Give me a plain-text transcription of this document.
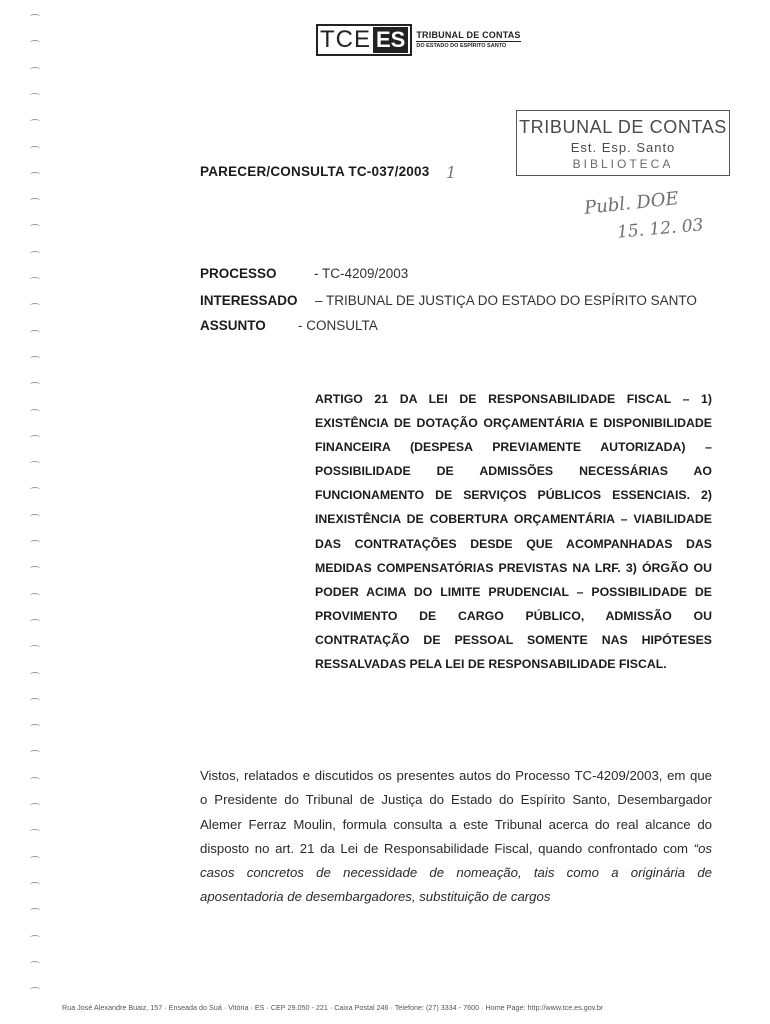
TCE ES	TRIBUNAL DE CONTAS
DO ESTADO DO ESPÍRITO SANTO
TRIBUNAL DE CONTAS
Est. Esp. Santo
BIBLIOTECA
PARECER/CONSULTA TC-037/2003 1
Publ. DOE
15. 12. 03
PROCESSO	- TC-4209/2003
INTERESSADO – TRIBUNAL DE JUSTIÇA DO ESTADO DO ESPÍRITO SANTO
ASSUNTO - CONSULTA
ARTIGO 21 DA LEI DE RESPONSABILIDADE FISCAL – 1) EXISTÊNCIA DE DOTAÇÃO ORÇAMENTÁRIA E DISPONIBILIDADE FINANCEIRA (DESPESA PREVIAMENTE AUTORIZADA) – POSSIBILIDADE DE ADMISSÕES NECESSÁRIAS AO FUNCIONAMENTO DE SERVIÇOS PÚBLICOS ESSENCIAIS. 2) INEXISTÊNCIA DE COBERTURA ORÇAMENTÁRIA – VIABILIDADE DAS CONTRATAÇÕES DESDE QUE ACOMPANHADAS DAS MEDIDAS COMPENSATÓRIAS PREVISTAS NA LRF. 3) ÓRGÃO OU PODER ACIMA DO LIMITE PRUDENCIAL – POSSIBILIDADE DE PROVIMENTO DE CARGO PÚBLICO, ADMISSÃO OU CONTRATAÇÃO DE PESSOAL SOMENTE NAS HIPÓTESES RESSALVADAS PELA LEI DE RESPONSABILIDADE FISCAL.
Vistos, relatados e discutidos os presentes autos do Processo TC-4209/2003, em que o Presidente do Tribunal de Justiça do Estado do Espírito Santo, Desembargador Alemer Ferraz Moulin, formula consulta a este Tribunal acerca do real alcance do disposto no art. 21 da Lei de Responsabilidade Fiscal, quando confrontado com “os casos concretos de necessidade de nomeação, tais como a originária de aposentadoria de desembargadores, substituição de cargos
Rua José Alexandre Buaiz, 157 · Enseada do Suá · Vitória · ES · CEP 29.050 - 221 · Caixa Postal 246 · Telefone: (27) 3334 - 7600 · Home Page: http://www.tce.es.gov.br
